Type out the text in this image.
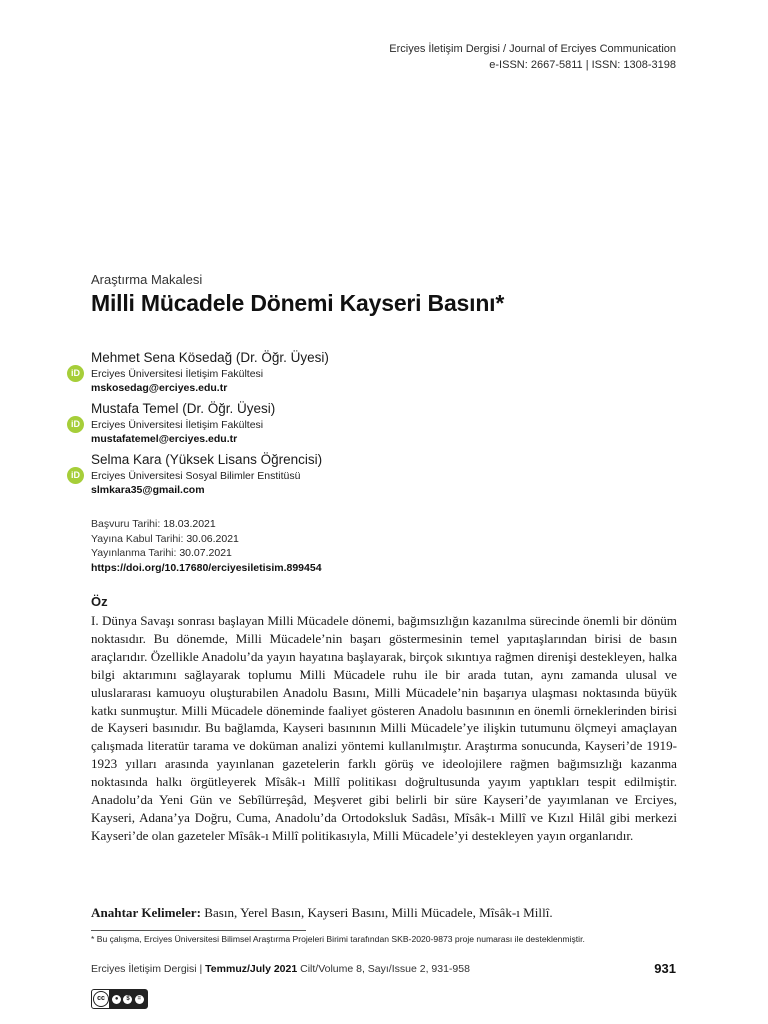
Erciyes İletişim Dergisi / Journal of Erciyes Communication
e-ISSN: 2667-5811 | ISSN: 1308-3198
Araştırma Makalesi
Milli Mücadele Dönemi Kayseri Basını*
iD
Mehmet Sena Kösedağ (Dr. Öğr. Üyesi)
Erciyes Üniversitesi İletişim Fakültesi
mskosedag@erciyes.edu.tr
iD
Mustafa Temel (Dr. Öğr. Üyesi)
Erciyes Üniversitesi İletişim Fakültesi
mustafatemel@erciyes.edu.tr
iD
Selma Kara (Yüksek Lisans Öğrencisi)
Erciyes Üniversitesi Sosyal Bilimler Enstitüsü
slmkara35@gmail.com
Başvuru Tarihi: 18.03.2021
Yayına Kabul Tarihi: 30.06.2021
Yayınlanma Tarihi: 30.07.2021
https://doi.org/10.17680/erciyesiletisim.899454
Öz
I. Dünya Savaşı sonrası başlayan Milli Mücadele dönemi, bağımsızlığın kazanılma sürecinde önemli bir dönüm noktasıdır. Bu dönemde, Milli Mücadele’nin başarı göstermesinin temel yapıtaşlarından birisi de basın araçlarıdır. Özellikle Anadolu’da yayın hayatına başlayarak, birçok sıkıntıya rağmen direnişi destekleyen, halka bilgi aktarımını sağlayarak toplumu Milli Mücadele ruhu ile bir arada tutan, aynı zamanda ulusal ve uluslararası kamuoyu oluşturabilen Anadolu Basını, Milli Mücadele’nin başarıya ulaşması noktasında büyük katkı sunmuştur. Milli Mücadele döneminde faaliyet gösteren Anadolu basınının en önemli örneklerinden birisi de Kayseri basınıdır. Bu bağlamda, Kayseri basınının Milli Mücadele’ye ilişkin tutumunu ölçmeyi amaçlayan çalışmada literatür tarama ve doküman analizi yöntemi kullanılmıştır. Araştırma sonucunda, Kayseri’de 1919-1923 yılları arasında yayınlanan gazetelerin farklı görüş ve ideolojilere rağmen bağımsızlığı kazanma noktasında halkı örgütleyerek Mîsâk-ı Millî politikası doğrultusunda yayım yaptıkları tespit edilmiştir. Anadolu’da Yeni Gün ve Sebîlürreşâd, Meşveret gibi belirli bir süre Kayseri’de yayımlanan ve Erciyes, Kayseri, Adana’ya Doğru, Cuma, Anadolu’da Ortodoksluk Sadâsı, Mîsâk-ı Millî ve Kızıl Hilâl gibi merkezi Kayseri’de olan gazeteler Mîsâk-ı Millî politikasıyla, Milli Mücadele’yi destekleyen yayın organlarıdır.
Anahtar Kelimeler: Basın, Yerel Basın, Kayseri Basını, Milli Mücadele, Mîsâk-ı Millî.
* Bu çalışma, Erciyes Üniversitesi Bilimsel Araştırma Projeleri Birimi tarafından SKB-2020-9873 proje numarası ile desteklenmiştir.
Erciyes İletişim Dergisi | Temmuz/July 2021 Cilt/Volume 8, Sayı/Issue 2, 931-958	931
cc	●	$	=
